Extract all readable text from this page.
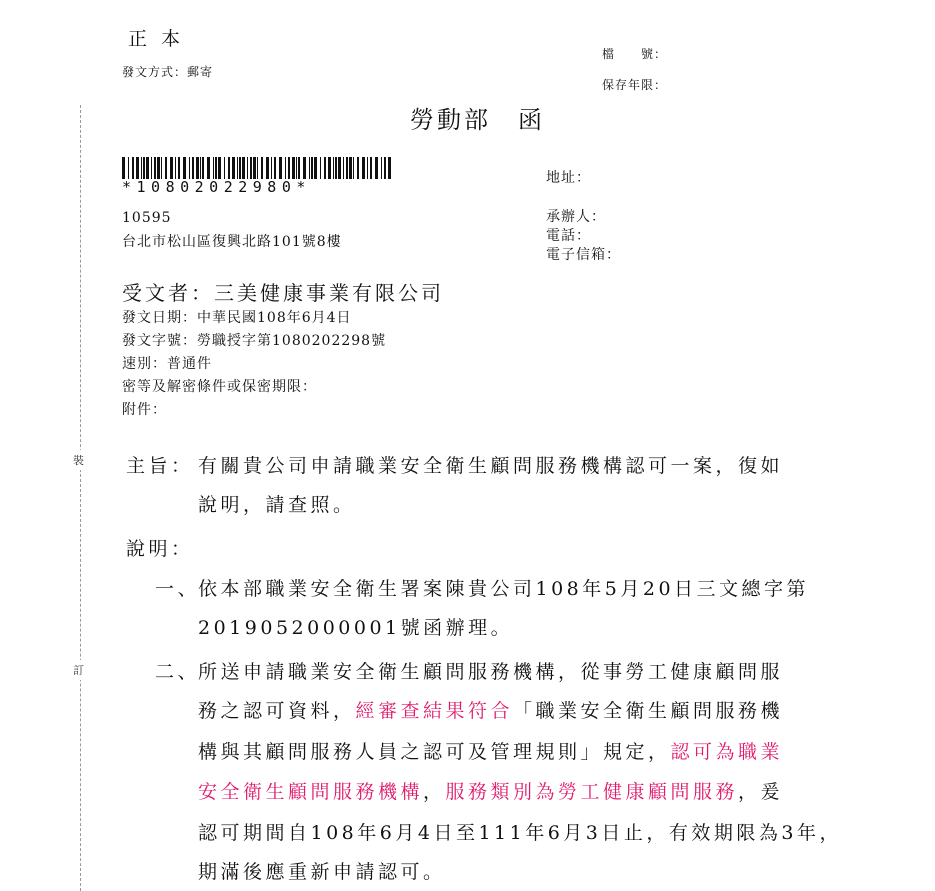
裝
訂
正 本
發文方式：郵寄
檔　　號：
保存年限：
勞動部　函
*10802022980*
10595
台北市松山區復興北路101號8樓
地址：
承辦人：
電話：
電子信箱：
受文者：三美健康事業有限公司
發文日期：中華民國108年6月4日
發文字號：勞職授字第1080202298號
速別：普通件
密等及解密條件或保密期限：
附件：
主旨： 有關貴公司申請職業安全衛生顧問服務機構認可一案，復如
說明，請查照。
說明：
一、
依本部職業安全衛生署案陳貴公司108年5月20日三文總字第
2019052000001號函辦理。
二、
所送申請職業安全衛生顧問服務機構，從事勞工健康顧問服
務之認可資料，經審查結果符合「職業安全衛生顧問服務機
構與其顧問服務人員之認可及管理規則」規定，認可為職業
安全衛生顧問服務機構，服務類別為勞工健康顧問服務，爰
認可期間自108年6月4日至111年6月3日止，有效期限為3年，
期滿後應重新申請認可。
